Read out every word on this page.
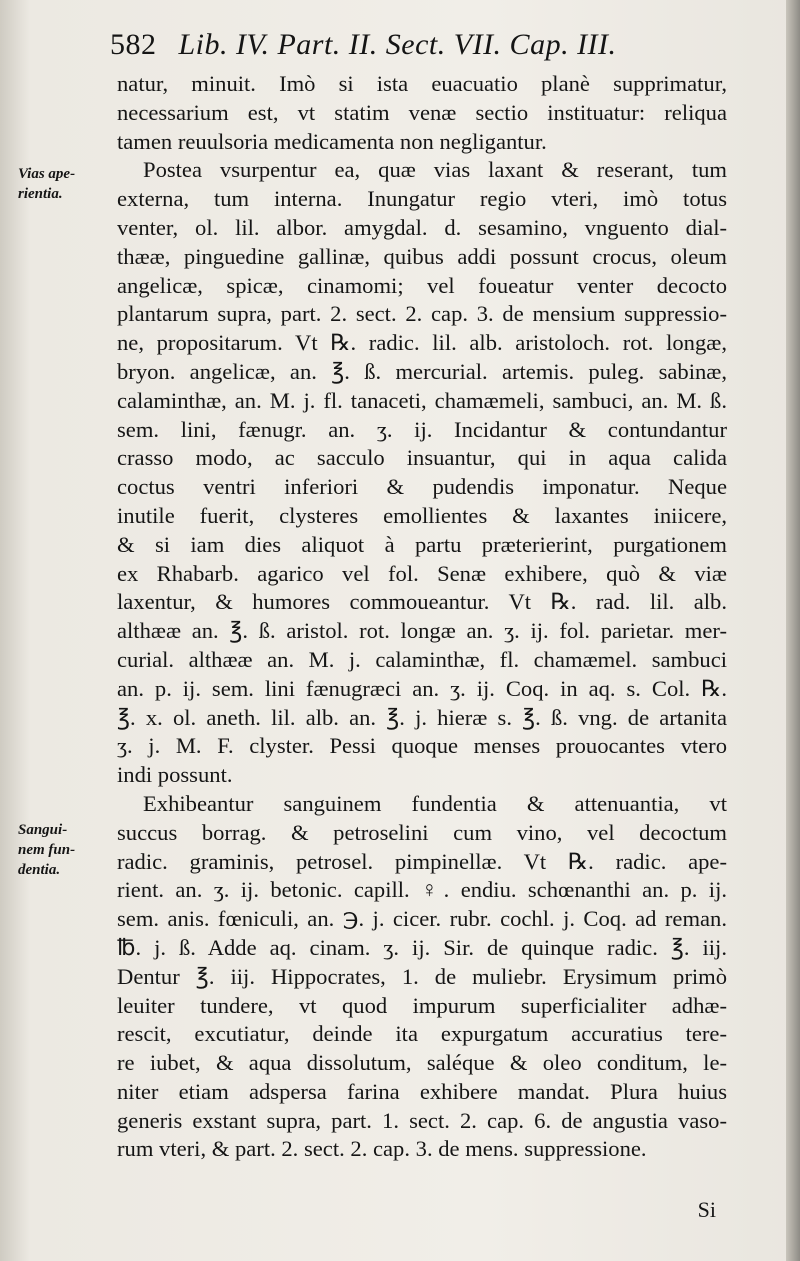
582 Lib. IV. Part. II. Sect. VII. Cap. III.
Vias ape-
rientia.
Sangui-
nem fun-
dentia.
natur, minuit. Imò si ista euacuatio planè supprimatur,
necessarium est, vt statim venæ sectio instituatur: reliqua
tamen reuulsoria medicamenta non negligantur.
Postea vsurpentur ea, quæ vias laxant & reserant, tum
externa, tum interna. Inungatur regio vteri, imò totus
venter, ol. lil. albor. amygdal. d. sesamino, vnguento dial-
thææ, pinguedine gallinæ, quibus addi possunt crocus, oleum
angelicæ, spicæ, cinamomi; vel foueatur venter decocto
plantarum supra, part. 2. sect. 2. cap. 3. de mensium suppressio-
ne, propositarum. Vt ℞. radic. lil. alb. aristoloch. rot. longæ,
bryon. angelicæ, an. ℥. ß. mercurial. artemis. puleg. sabinæ,
calaminthæ, an. M. j. fl. tanaceti, chamæmeli, sambuci, an. M. ß.
sem. lini, fænugr. an. ʒ. ij. Incidantur & contundantur
crasso modo, ac sacculo insuantur, qui in aqua calida
coctus ventri inferiori & pudendis imponatur. Neque
inutile fuerit, clysteres emollientes & laxantes iniicere,
& si iam dies aliquot à partu præterierint, purgationem
ex Rhabarb. agarico vel fol. Senæ exhibere, quò & viæ
laxentur, & humores commoueantur. Vt ℞. rad. lil. alb.
althææ an. ℥. ß. aristol. rot. longæ an. ʒ. ij. fol. parietar. mer-
curial. althææ an. M. j. calaminthæ, fl. chamæmel. sambuci
an. p. ij. sem. lini fænugræci an. ʒ. ij. Coq. in aq. s. Col. ℞.
℥. x. ol. aneth. lil. alb. an. ℥. j. hieræ s. ℥. ß. vng. de artanita
ʒ. j. M. F. clyster. Pessi quoque menses prouocantes vtero
indi possunt.
Exhibeantur sanguinem fundentia & attenuantia, vt
succus borrag. & petroselini cum vino, vel decoctum
radic. graminis, petrosel. pimpinellæ. Vt ℞. radic. ape-
rient. an. ʒ. ij. betonic. capill. ♀. endiu. schœnanthi an. p. ij.
sem. anis. fœniculi, an. ℈. j. cicer. rubr. cochl. j. Coq. ad reman.
℔. j. ß. Adde aq. cinam. ʒ. ij. Sir. de quinque radic. ℥. iij.
Dentur ℥. iij. Hippocrates, 1. de muliebr. Erysimum primò
leuiter tundere, vt quod impurum superficialiter adhæ-
rescit, excutiatur, deinde ita expurgatum accuratius tere-
re iubet, & aqua dissolutum, saléque & oleo conditum, le-
niter etiam adspersa farina exhibere mandat. Plura huius
generis exstant supra, part. 1. sect. 2. cap. 6. de angustia vaso-
rum vteri, & part. 2. sect. 2. cap. 3. de mens. suppressione.
Si
